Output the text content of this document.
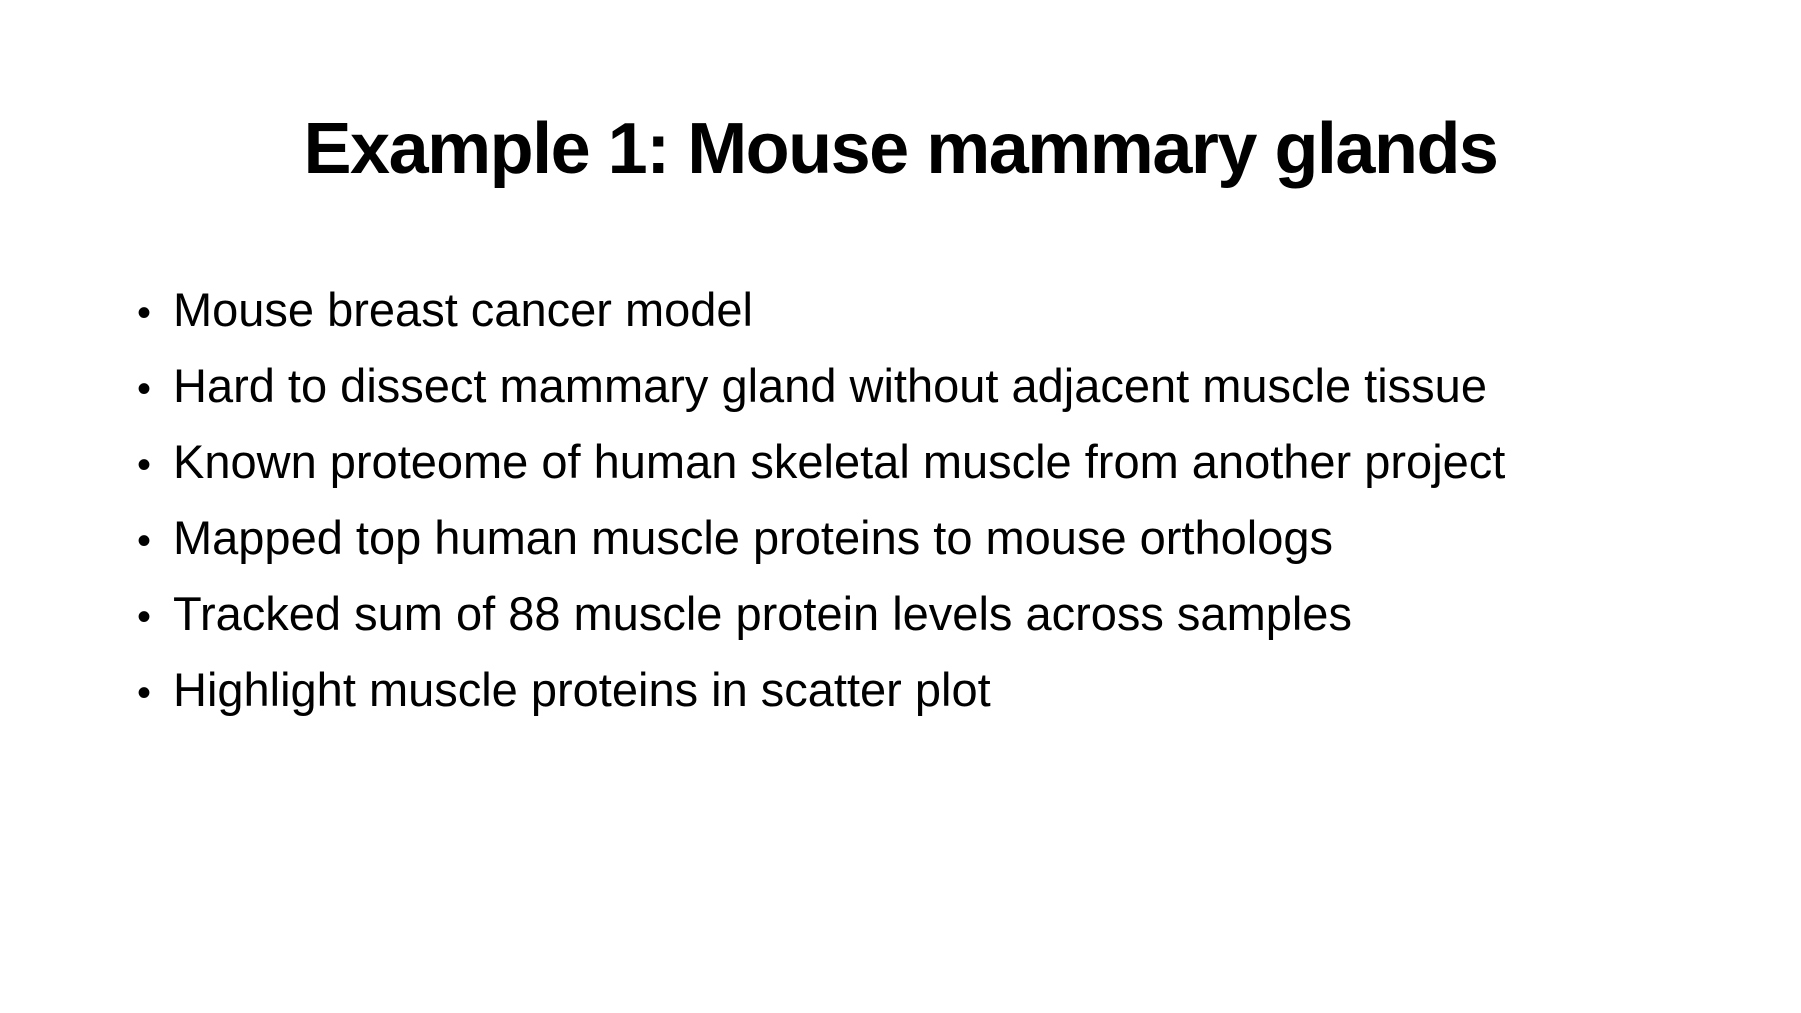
Example 1: Mouse mammary glands
• Mouse breast cancer model
• Hard to dissect mammary gland without adjacent muscle tissue
• Known proteome of human skeletal muscle from another project
• Mapped top human muscle proteins to mouse orthologs
• Tracked sum of 88 muscle protein levels across samples
• Highlight muscle proteins in scatter plot
